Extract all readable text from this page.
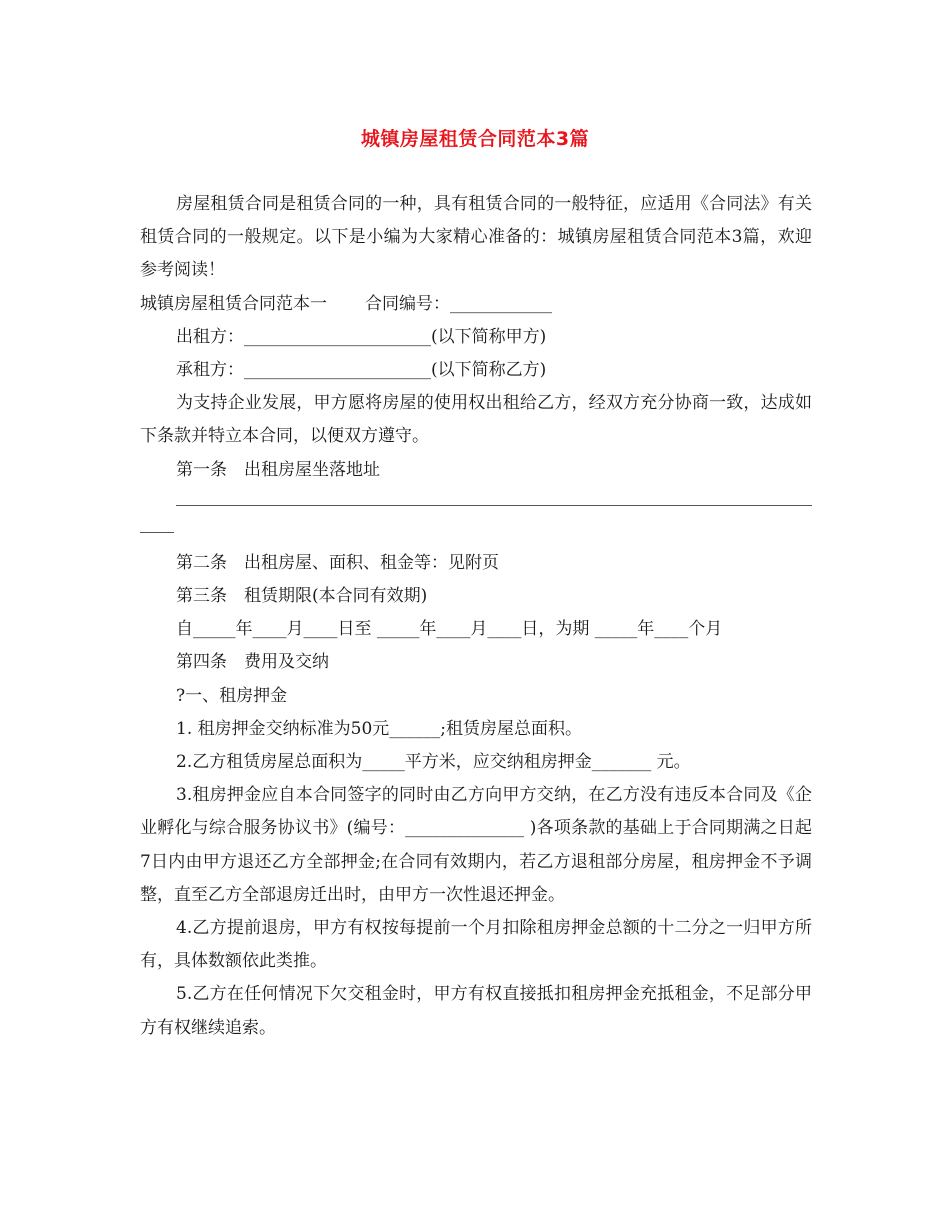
城镇房屋租赁合同范本3篇

房屋租赁合同是租赁合同的一种，具有租赁合同的一般特征，应适用《合同法》有关租赁合同的一般规定。以下是小编为大家精心准备的：城镇房屋租赁合同范本3篇，欢迎参考阅读！

城镇房屋租赁合同范本一 合同编号：____________

出租方：______________________(以下简称甲方)

承租方：______________________(以下简称乙方)

为支持企业发展，甲方愿将房屋的使用权出租给乙方，经双方充分协商一致，达成如下条款并特立本合同，以便双方遵守。

第一条　出租房屋坐落地址

第二条　出租房屋、面积、租金等：见附页

第三条　租赁期限(本合同有效期)

自_____年____月____日至 _____年____月____日，为期 _____年____个月

第四条　费用及交纳

?一、租房押金

1. 租房押金交纳标准为50元______;租赁房屋总面积。

2.乙方租赁房屋总面积为_____平方米，应交纳租房押金_______ 元。

3.租房押金应自本合同签字的同时由乙方向甲方交纳，在乙方没有违反本合同及《企业孵化与综合服务协议书》(编号：______________ )各项条款的基础上于合同期满之日起7日内由甲方退还乙方全部押金;在合同有效期内，若乙方退租部分房屋，租房押金不予调整，直至乙方全部退房迁出时，由甲方一次性退还押金。

4.乙方提前退房，甲方有权按每提前一个月扣除租房押金总额的十二分之一归甲方所有，具体数额依此类推。

5.乙方在任何情况下欠交租金时，甲方有权直接抵扣租房押金充抵租金，不足部分甲方有权继续追索。
